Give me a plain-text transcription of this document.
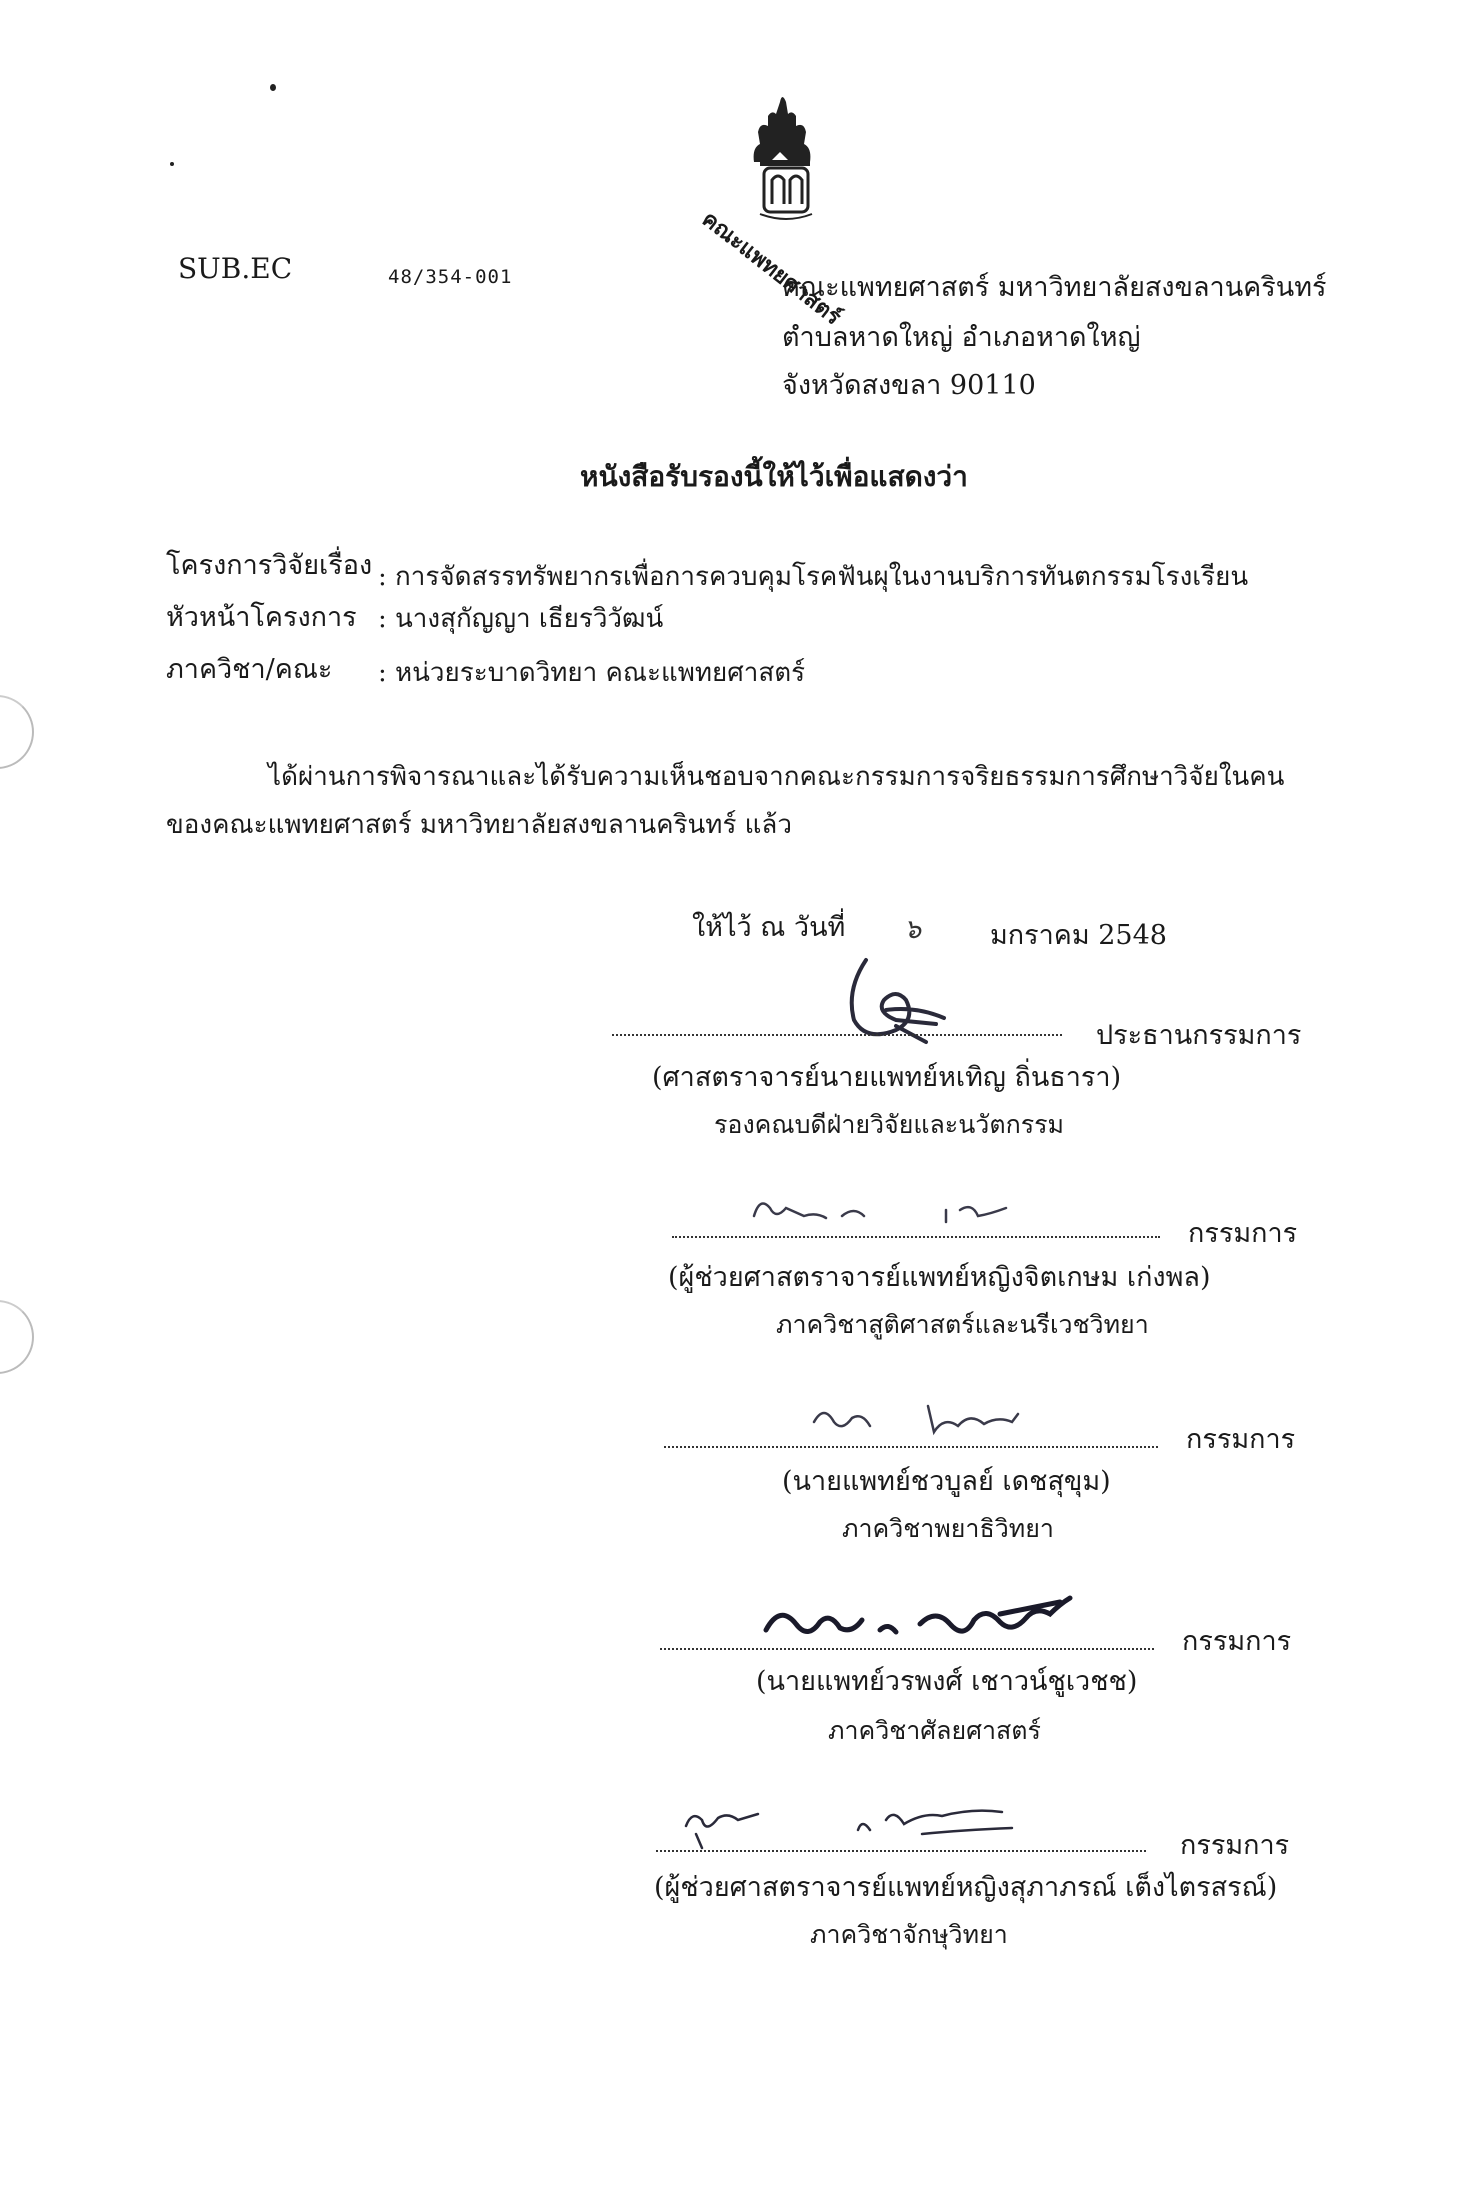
คณะแพทยศาสตร์
SUB.EC	48/354-001	คณะแพทยศาสตร์ มหาวิทยาลัยสงขลานครินทร์
ตำบลหาดใหญ่ อำเภอหาดใหญ่
จังหวัดสงขลา 90110
หนังสือรับรองนี้ให้ไว้เพื่อแสดงว่า
โครงการวิจัยเรื่อง : การจัดสรรทรัพยากรเพื่อการควบคุมโรคฟันผุในงานบริการทันตกรรมโรงเรียน
หัวหน้าโครงการ : นางสุกัญญา เธียรวิวัฒน์
ภาควิชา/คณะ : หน่วยระบาดวิทยา คณะแพทยศาสตร์
ได้ผ่านการพิจารณาและได้รับความเห็นชอบจากคณะกรรมการจริยธรรมการศึกษาวิจัยในคน
ของคณะแพทยศาสตร์ มหาวิทยาลัยสงขลานครินทร์ แล้ว
ให้ไว้ ณ วันที่ ๖	มกราคม 2548
ประธานกรรมการ
(ศาสตราจารย์นายแพทย์หเทิญ ถิ่นธารา)
รองคณบดีฝ่ายวิจัยและนวัตกรรม
กรรมการ
(ผู้ช่วยศาสตราจารย์แพทย์หญิงจิตเกษม เก่งพล)
ภาควิชาสูติศาสตร์และนรีเวชวิทยา
กรรมการ
(นายแพทย์ชวบูลย์ เดชสุขุม)
ภาควิชาพยาธิวิทยา
กรรมการ
(นายแพทย์วรพงศ์ เชาวน์ชูเวชช)
ภาควิชาศัลยศาสตร์
กรรมการ
(ผู้ช่วยศาสตราจารย์แพทย์หญิงสุภาภรณ์ เต็งไตรสรณ์)
ภาควิชาจักษุวิทยา
